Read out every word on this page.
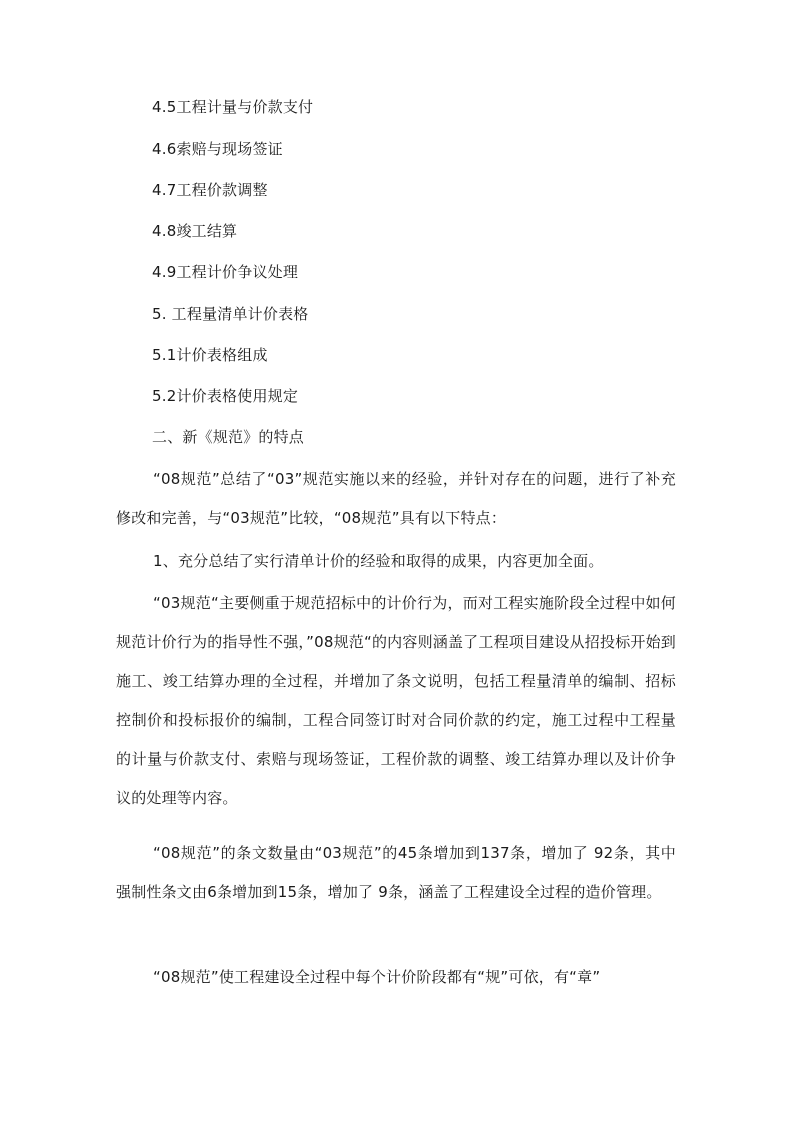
4.5工程计量与价款支付
4.6索赔与现场签证
4.7工程价款调整
4.8竣工结算
4.9工程计价争议处理
5. 工程量清单计价表格
5.1计价表格组成
5.2计价表格使用规定
二、新《规范》的特点
“08规范”总结了“03”规范实施以来的经验，并针对存在的问题，进行了补充修改和完善，与“03规范”比较，“08规范”具有以下特点：
1、充分总结了实行清单计价的经验和取得的成果，内容更加全面。
“03规范“主要侧重于规范招标中的计价行为，而对工程实施阶段全过程中如何规范计价行为的指导性不强，”08规范“的内容则涵盖了工程项目建设从招投标开始到施工、竣工结算办理的全过程，并增加了条文说明，包括工程量清单的编制、招标控制价和投标报价的编制，工程合同签订时对合同价款的约定，施工过程中工程量的计量与价款支付、索赔与现场签证，工程价款的调整、竣工结算办理以及计价争议的处理等内容。
“08规范”的条文数量由“03规范”的45条增加到137条，增加了 92条，其中强制性条文由6条增加到15条，增加了 9条，涵盖了工程建设全过程的造价管理。
“08规范”使工程建设全过程中每个计价阶段都有“规”可依，有“章”
